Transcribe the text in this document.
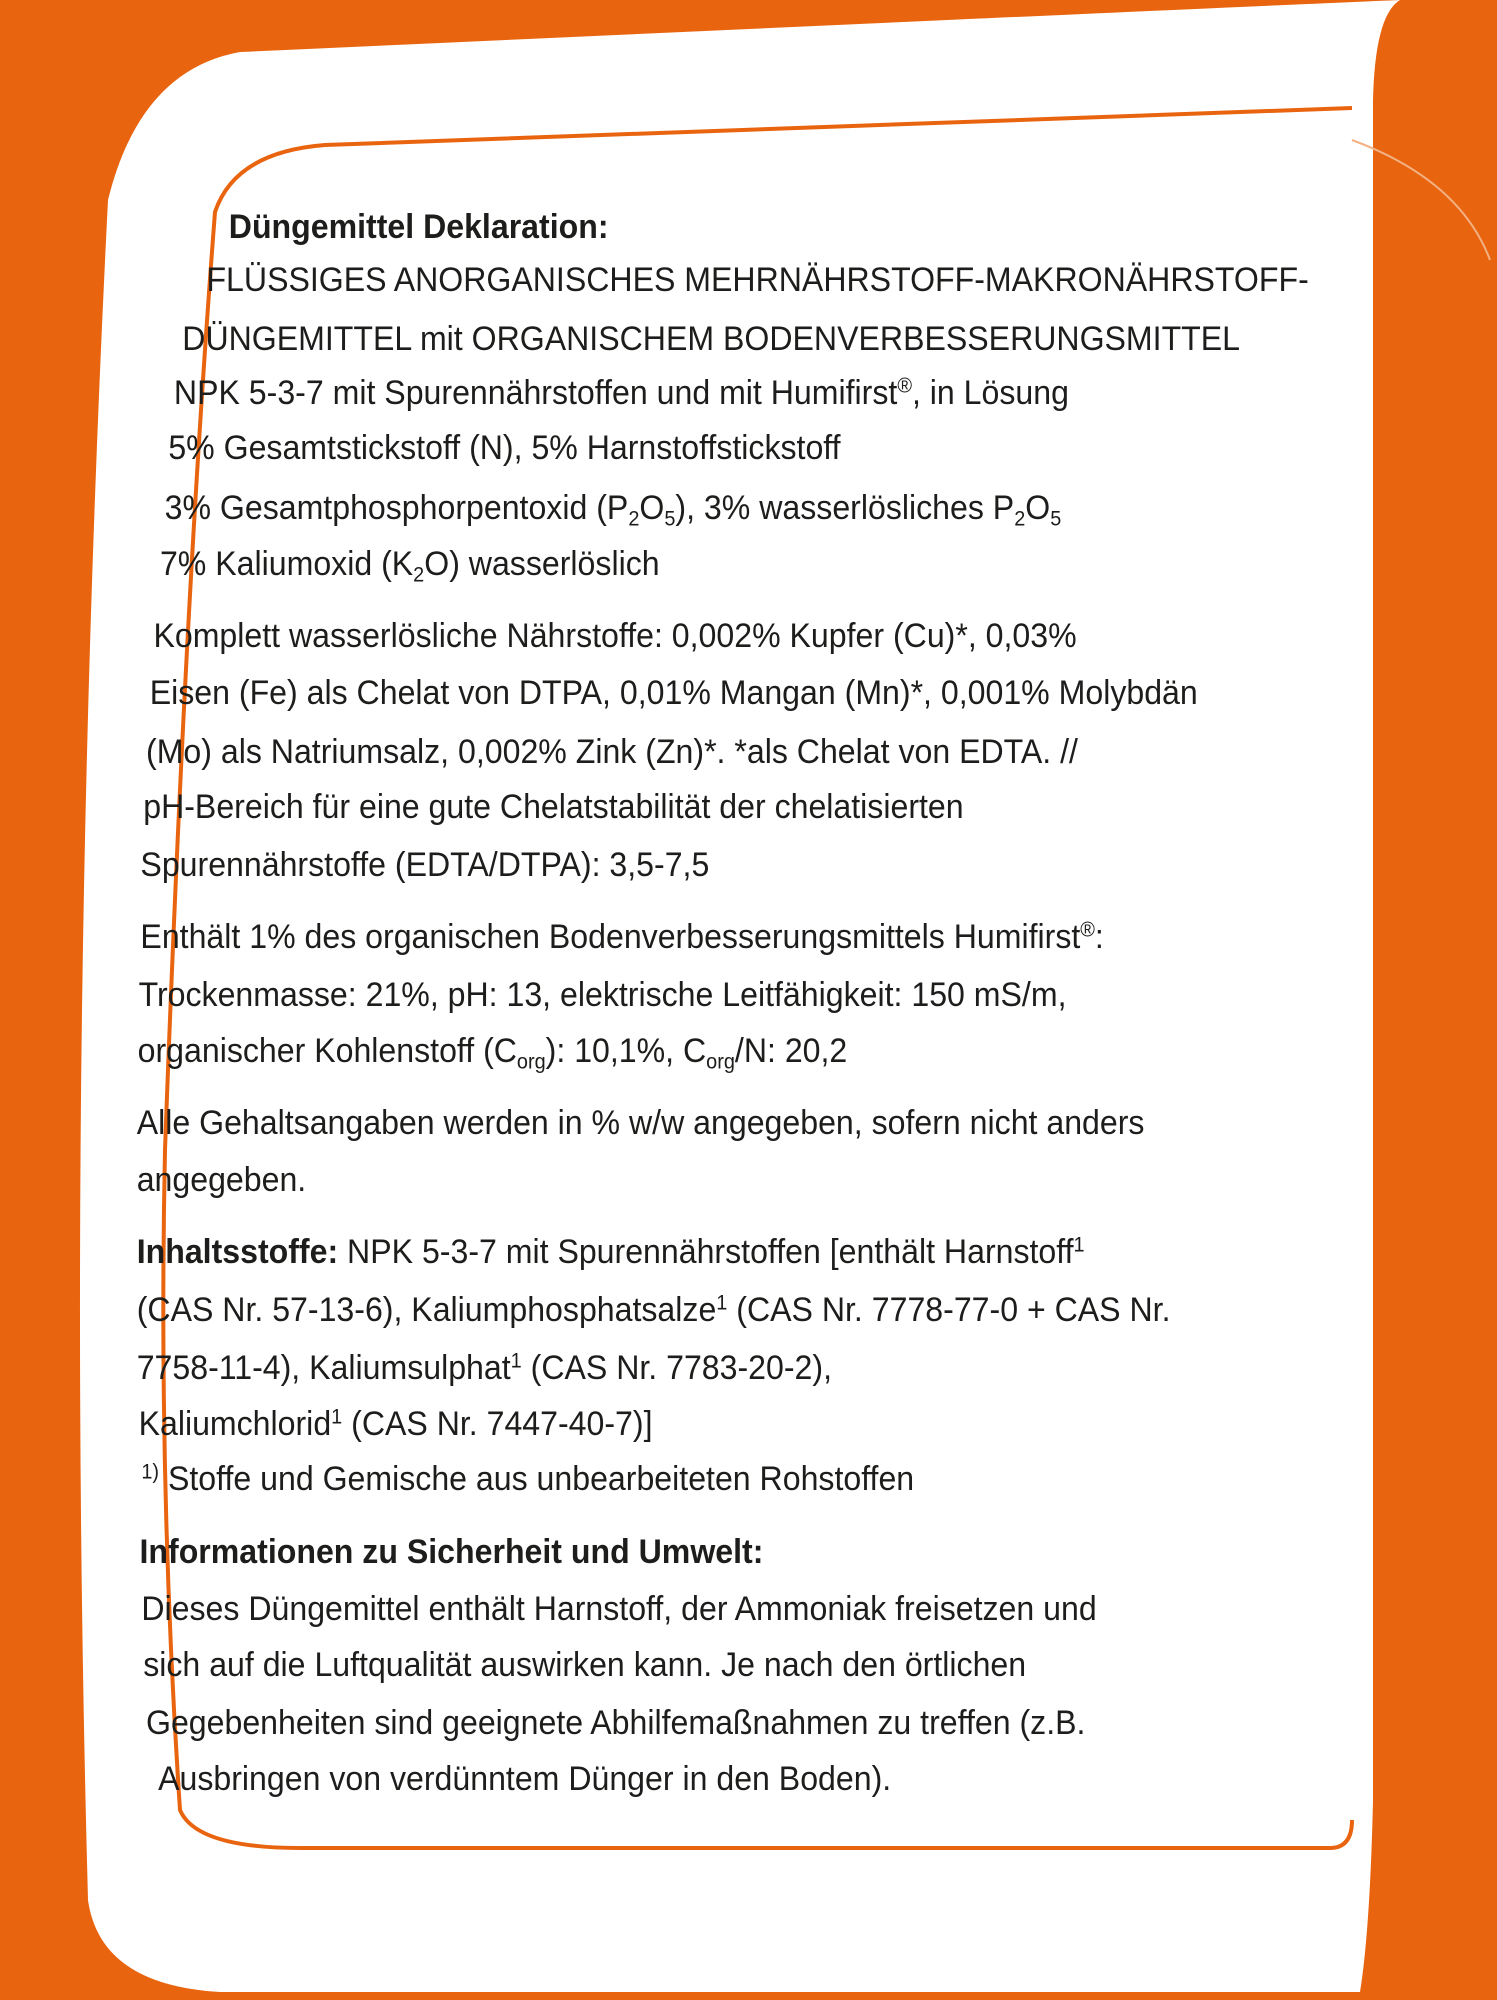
Düngemittel Deklaration:
FLÜSSIGES ANORGANISCHES MEHRNÄHRSTOFF-MAKRONÄHRSTOFF-
DÜNGEMITTEL mit ORGANISCHEM BODENVERBESSERUNGSMITTEL
NPK 5-3-7 mit Spurennährstoffen und mit Humifirst®, in Lösung
5% Gesamtstickstoff (N), 5% Harnstoffstickstoff
3% Gesamtphosphorpentoxid $(P_2O_5)$, 3% wasserlösliches $P_2O_5$
7% Kaliumoxid $(K_2O)$ wasserlöslich
Komplett wasserlösliche Nährstoffe: 0,002% Kupfer (Cu)*, 0,03%
Eisen (Fe) als Chelat von DTPA, 0,01% Mangan (Mn)*, 0,001% Molybdän
(Mo) als Natriumsalz, 0,002% Zink (Zn)*. *als Chelat von EDTA. //
pH-Bereich für eine gute Chelatstabilität der chelatisierten
Spurennährstoffe (EDTA/DTPA): 3,5-7,5
Enthält 1% des organischen Bodenverbesserungsmittels Humifirst®:
Trockenmasse: 21%, pH: 13, elektrische Leitfähigkeit: 150 mS/m,
organischer Kohlenstoff $(C_{org})$: 10,1%, $C_{org}/N$: 20,2
Alle Gehaltsangaben werden in % w/w angegeben, sofern nicht anders
angegeben.
Inhaltsstoffe: NPK 5-3-7 mit Spurennährstoffen [enthält Harnstoff$^1$
(CAS Nr. 57-13-6), Kaliumphosphatsalze$^1$ (CAS Nr. 7778-77-0 + CAS Nr.
7758-11-4), Kaliumsulphat$^1$ (CAS Nr. 7783-20-2),
Kaliumchlorid$^1$ (CAS Nr. 7447-40-7)]
$^{1)}$ Stoffe und Gemische aus unbearbeiteten Rohstoffen
Informationen zu Sicherheit und Umwelt:
Dieses Düngemittel enthält Harnstoff, der Ammoniak freisetzen und
sich auf die Luftqualität auswirken kann. Je nach den örtlichen
Gegebenheiten sind geeignete Abhilfemaßnahmen zu treffen (z.B.
Ausbringen von verdünntem Dünger in den Boden).
